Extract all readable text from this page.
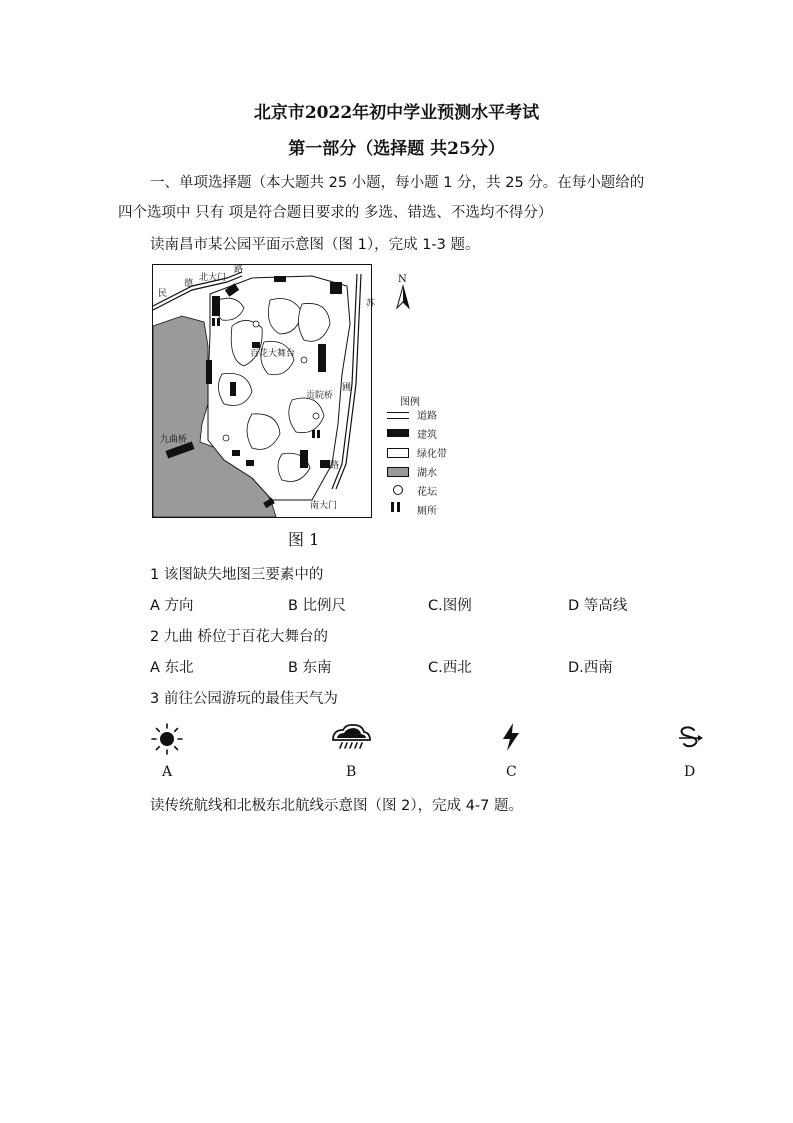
北京市2022年初中学业预测水平考试
第一部分（选择题 共25分）
一、单项选择题（本大题共 25 小题，每小题 1 分，共 25 分。在每小题给的
四个选项中 只有 项是符合题目要求的 多选、错选、不选均不得分）
读南昌市某公园平面示意图（图 1），完成 1-3 题。
北大门
路
民
德
百花大舞台
苏
圃
路
贡院桥
九曲桥
南大门
N
图例
道路
建筑
绿化带
湖水
花坛
厕所
图 1
1 该图缺失地图三要素中的
A 方向	B 比例尺	C.图例	D 等高线
2 九曲 桥位于百花大舞台的
A 东北	B 东南	C.西北	D.西南
3 前往公园游玩的最佳天气为
A	B	C	D
读传统航线和北极东北航线示意图（图 2），完成 4-7 题。
